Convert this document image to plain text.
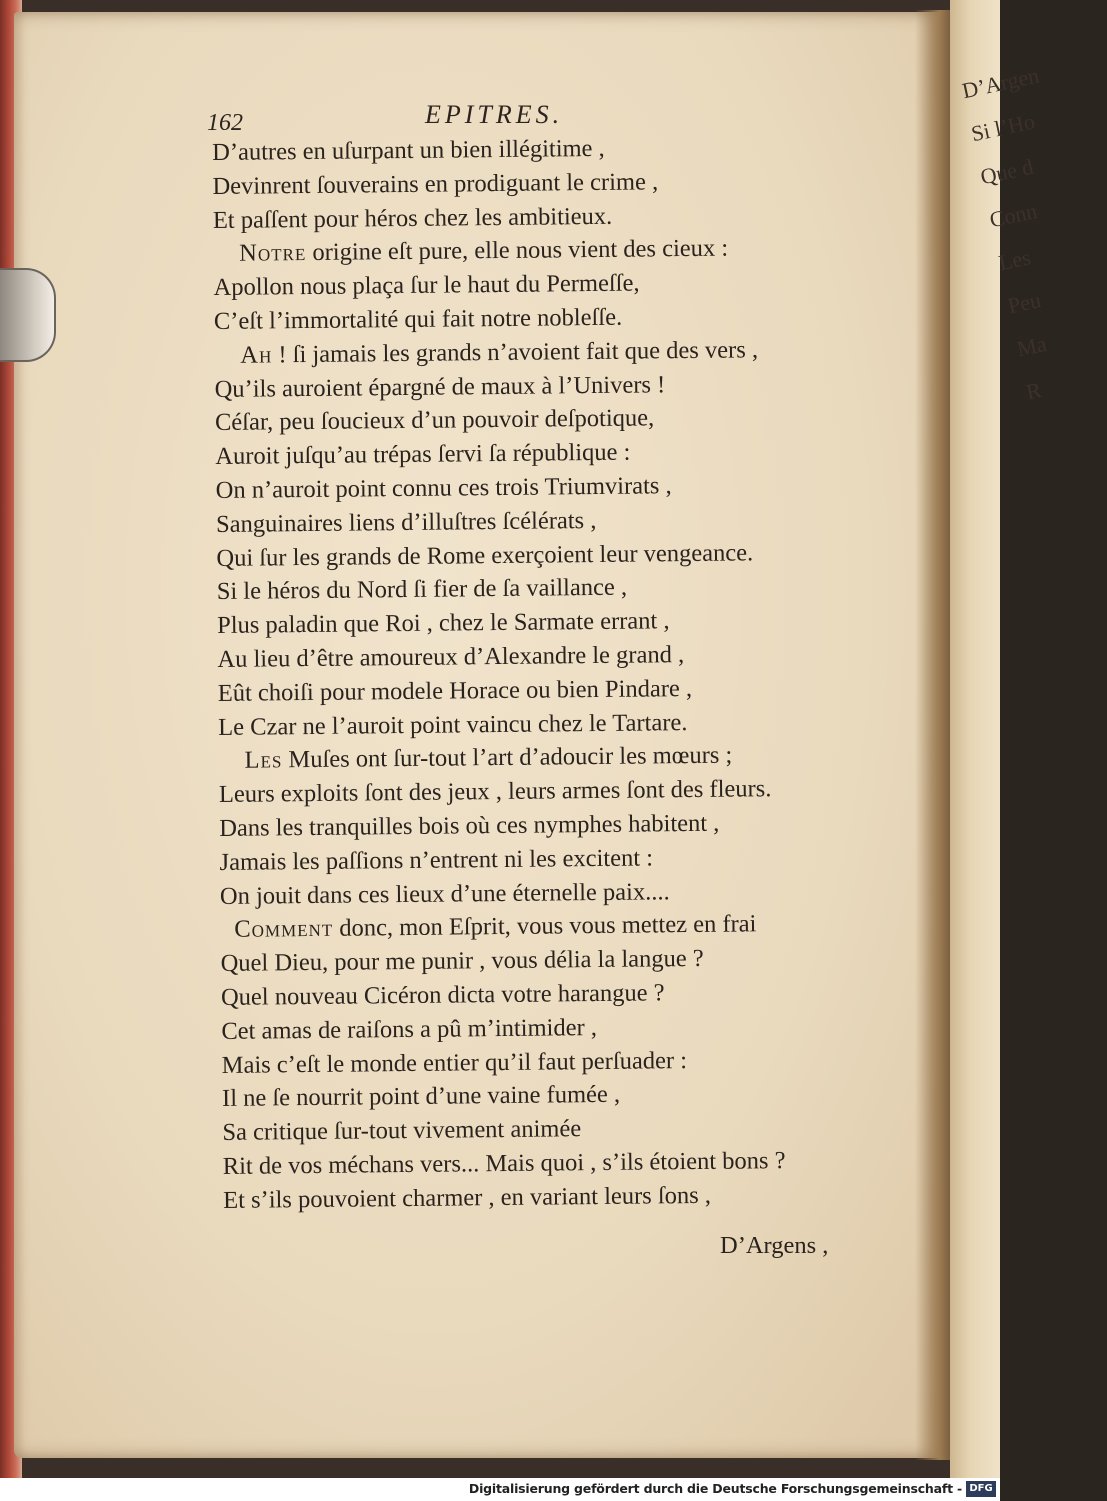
D’Argen
Si l’Ho
Que d
Conn
Les
Peu
Ma
R
162	EPITRES.
D’autres en uſurpant un bien illégitime ,
Devinrent ſouverains en prodiguant le crime ,
Et paſſent pour héros chez les ambitieux.
Notre origine eſt pure, elle nous vient des cieux :
Apollon nous plaça ſur le haut du Permeſſe,
C’eſt l’immortalité qui fait notre nobleſſe.
Ah ! ſi jamais les grands n’avoient fait que des vers ,
Qu’ils auroient épargné de maux à l’Univers !
Céſar, peu ſoucieux d’un pouvoir deſpotique,
Auroit juſqu’au trépas ſervi ſa république :
On n’auroit point connu ces trois Triumvirats ,
Sanguinaires liens d’illuſtres ſcélérats ,
Qui ſur les grands de Rome exerçoient leur vengeance.
Si le héros du Nord ſi fier de ſa vaillance ,
Plus paladin que Roi , chez le Sarmate errant ,
Au lieu d’être amoureux d’Alexandre le grand ,
Eût choiſi pour modele Horace ou bien Pindare ,
Le Czar ne l’auroit point vaincu chez le Tartare.
Les Muſes ont ſur-tout l’art d’adoucir les mœurs ;
Leurs exploits ſont des jeux , leurs armes ſont des fleurs.
Dans les tranquilles bois où ces nymphes habitent ,
Jamais les paſſions n’entrent ni les excitent :
On jouit dans ces lieux d’une éternelle paix....
Comment donc, mon Eſprit, vous vous mettez en frai
Quel Dieu, pour me punir , vous délia la langue ?
Quel nouveau Cicéron dicta votre harangue ?
Cet amas de raiſons a pû m’intimider ,
Mais c’eſt le monde entier qu’il faut perſuader :
Il ne ſe nourrit point d’une vaine fumée ,
Sa critique ſur-tout vivement animée
Rit de vos méchans vers... Mais quoi , s’ils étoient bons ?
Et s’ils pouvoient charmer , en variant leurs ſons ,
D’Argens ,
Digitalisierung gefördert durch die Deutsche Forschungsgemeinschaft - DFG
